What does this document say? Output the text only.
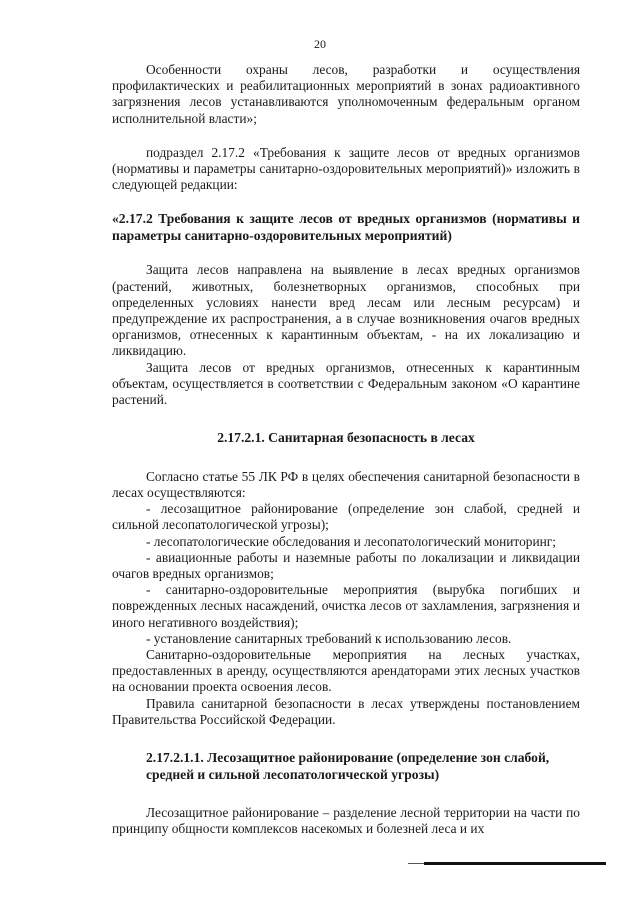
20

Особенности охраны лесов, разработки и осуществления профилактических и реабилитационных мероприятий в зонах радиоактивного загрязнения лесов устанавливаются уполномоченным федеральным органом исполнительной власти»;

подраздел 2.17.2 «Требования к защите лесов от вредных организмов (нормативы и параметры санитарно-оздоровительных мероприятий)» изложить в следующей редакции:

«2.17.2 Требования к защите лесов от вредных организмов (нормативы и параметры санитарно-оздоровительных мероприятий)

Защита лесов направлена на выявление в лесах вредных организмов (растений, животных, болезнетворных организмов, способных при определенных условиях нанести вред лесам или лесным ресурсам) и предупреждение их распространения, а в случае возникновения очагов вредных организмов, отнесенных к карантинным объектам, - на их локализацию и ликвидацию.

Защита лесов от вредных организмов, отнесенных к карантинным объектам, осуществляется в соответствии с Федеральным законом «О карантине растений.

2.17.2.1. Санитарная безопасность в лесах

Согласно статье 55 ЛК РФ в целях обеспечения санитарной безопасности в лесах осуществляются:

- лесозащитное районирование (определение зон слабой, средней и сильной лесопатологической угрозы);

- лесопатологические обследования и лесопатологический мониторинг;

- авиационные работы и наземные работы по локализации и ликвидации очагов вредных организмов;

- санитарно-оздоровительные мероприятия (вырубка погибших и поврежденных лесных насаждений, очистка лесов от захламления, загрязнения и иного негативного воздействия);

- установление санитарных требований к использованию лесов.

Санитарно-оздоровительные мероприятия на лесных участках, предоставленных в аренду, осуществляются арендаторами этих лесных участков на основании проекта освоения лесов.

Правила санитарной безопасности в лесах утверждены постановлением Правительства Российской Федерации.

2.17.2.1.1. Лесозащитное районирование (определение зон слабой, средней и сильной лесопатологической угрозы)

Лесозащитное районирование – разделение лесной территории на части по принципу общности комплексов насекомых и болезней леса и их
